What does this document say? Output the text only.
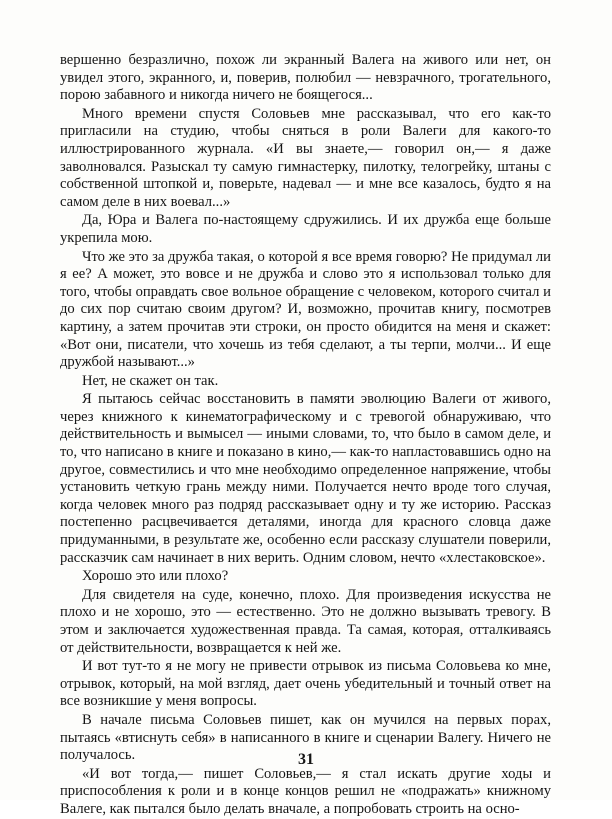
вершенно безразлично, похож ли экранный Валега на живого или нет, он увидел этого, экранного, и, поверив, полюбил — невзрачного, трогательного, порою забавного и никогда ничего не боящегося...

Много времени спустя Соловьев мне рассказывал, что его как-то пригласили на студию, чтобы сняться в роли Валеги для какого-то иллюстрированного журнала. «И вы знаете,— говорил он,— я даже заволновался. Разыскал ту самую гимнастерку, пилотку, телогрейку, штаны с собственной штопкой и, поверьте, надевал — и мне все казалось, будто я на самом деле в них воевал...»

Да, Юра и Валега по-настоящему сдружились. И их дружба еще больше укрепила мою.

Что же это за дружба такая, о которой я все время говорю? Не придумал ли я ее? А может, это вовсе и не дружба и слово это я использовал только для того, чтобы оправдать свое вольное обращение с человеком, которого считал и до сих пор считаю своим другом? И, возможно, прочитав книгу, посмотрев картину, а затем прочитав эти строки, он просто обидится на меня и скажет: «Вот они, писатели, что хочешь из тебя сделают, а ты терпи, молчи... И еще дружбой называют...»

Нет, не скажет он так.

Я пытаюсь сейчас восстановить в памяти эволюцию Валеги от живого, через книжного к кинематографическому и с тревогой обнаруживаю, что действительность и вымысел — иными словами, то, что было в самом деле, и то, что написано в книге и показано в кино,— как-то напластовавшись одно на другое, совместились и что мне необходимо определенное напряжение, чтобы установить четкую грань между ними. Получается нечто вроде того случая, когда человек много раз подряд рассказывает одну и ту же историю. Рассказ постепенно расцвечивается деталями, иногда для красного словца даже придуманными, в результате же, особенно если рассказу слушатели поверили, рассказчик сам начинает в них верить. Одним словом, нечто «хлестаковское».

Хорошо это или плохо?

Для свидетеля на суде, конечно, плохо. Для произведения искусства не плохо и не хорошо, это — естественно. Это не должно вызывать тревогу. В этом и заключается художественная правда. Та самая, которая, отталкиваясь от действительности, возвращается к ней же.

И вот тут-то я не могу не привести отрывок из письма Соловьева ко мне, отрывок, который, на мой взгляд, дает очень убедительный и точный ответ на все возникшие у меня вопросы.

В начале письма Соловьев пишет, как он мучился на первых порах, пытаясь «втиснуть себя» в написанного в книге и сценарии Валегу. Ничего не получалось.

«И вот тогда,— пишет Соловьев,— я стал искать другие ходы и приспособления к роли и в конце концов решил не «подражать» книжному Валеге, как пытался было делать вначале, а попробовать строить на осно-

31
